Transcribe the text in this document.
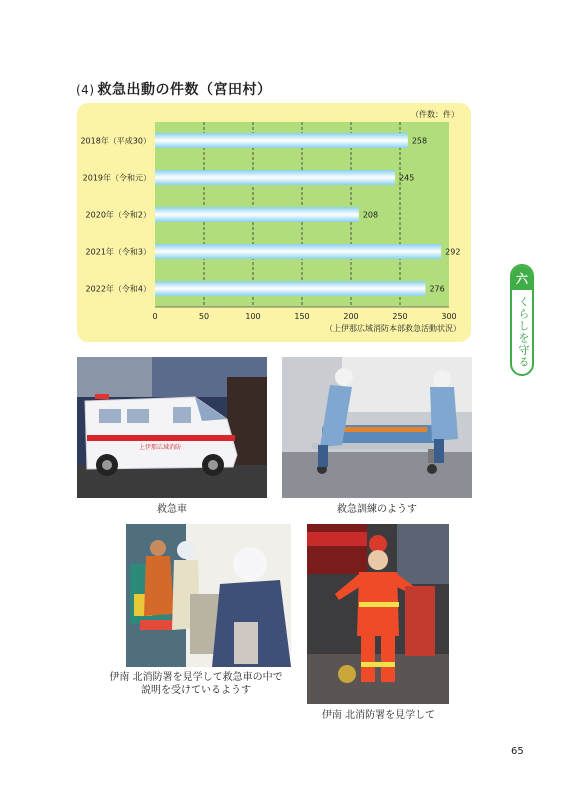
(4) 救急出動の件数（宮田村）
258
2018年（平成30）
245
2019年（令和元）
208
2020年（令和2）
292
2021年（令和3）
276
2022年（令和4）
0	50	100	150	200	250	300
（件数：件）
（上伊那広域消防本部救急活動状況）
六
くらしを守る
上伊那広域消防
救急車	救急訓練のようす
伊南 北消防署を見学して救急車の中で
説明を受けているようす
伊南 北消防署を見学して
65
